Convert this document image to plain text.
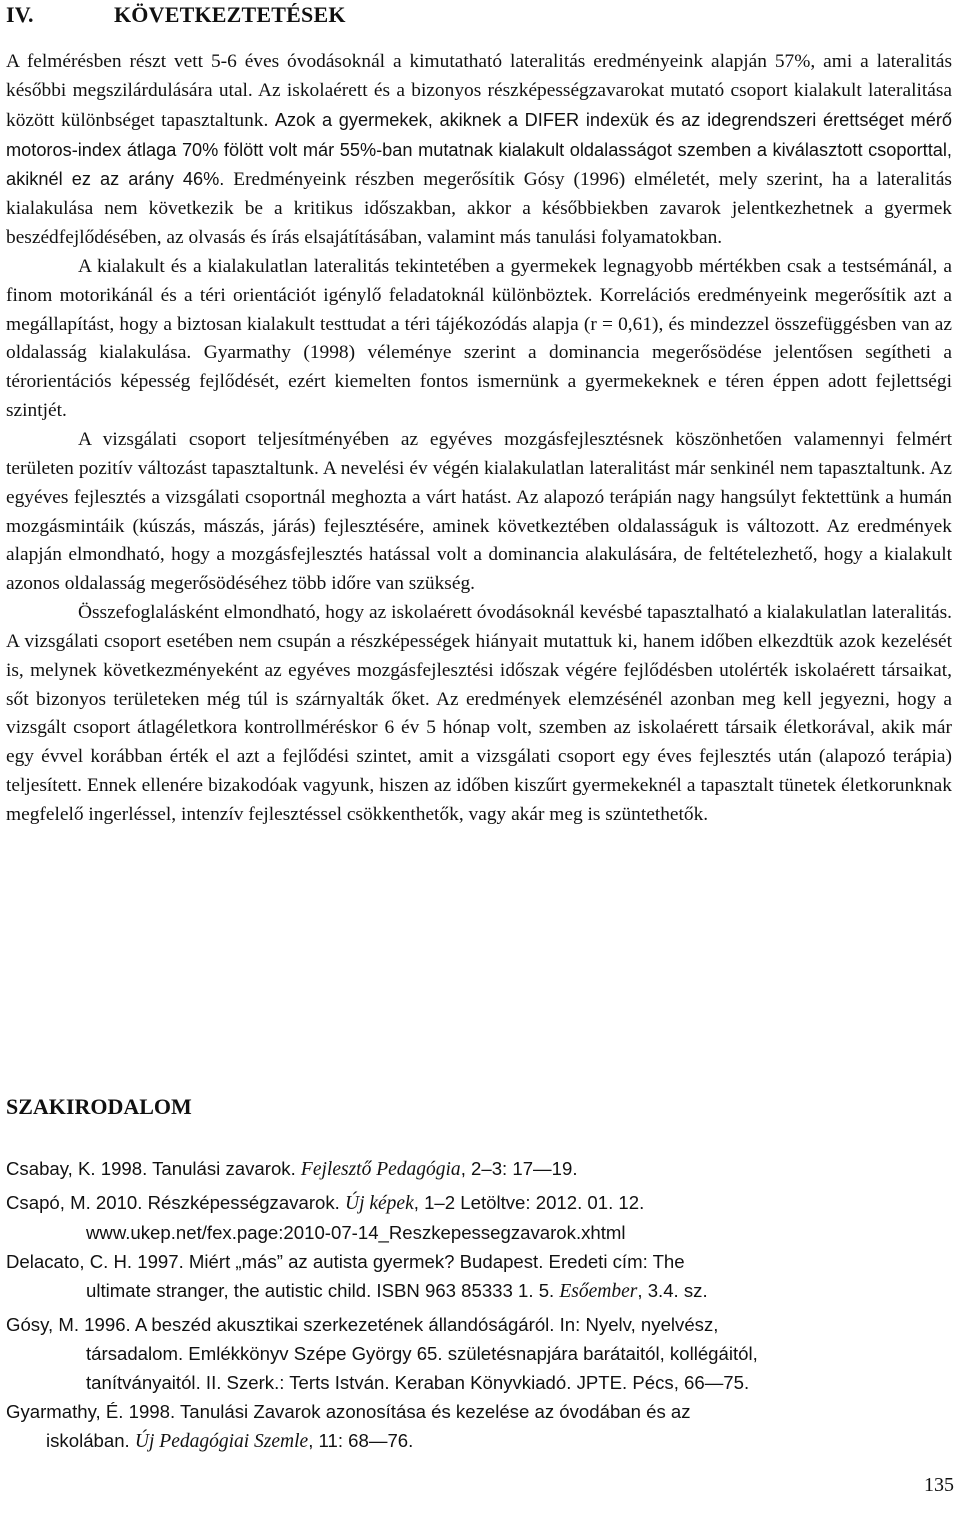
IV.	KÖVETKEZTETÉSEK

A felmérésben részt vett 5-6 éves óvodásoknál a kimutatható lateralitás eredményeink alapján 57%, ami a lateralitás későbbi megszilárdulására utal. Az iskolaérett és a bizonyos részképességzavarokat mutató csoport kialakult lateralitása között különbséget tapasztaltunk. Azok a gyermekek, akiknek a DIFER indexük és az idegrendszeri érettséget mérő motoros-index átlaga 70% fölött volt már 55%-ban mutatnak kialakult oldalasságot szemben a kiválasztott csoporttal, akiknél ez az arány 46%. Eredményeink részben megerősítik Gósy (1996) elméletét, mely szerint, ha a lateralitás kialakulása nem következik be a kritikus időszakban, akkor a későbbiekben zavarok jelentkezhetnek a gyermek beszédfejlődésében, az olvasás és írás elsajátításában, valamint más tanulási folyamatokban.

A kialakult és a kialakulatlan lateralitás tekintetében a gyermekek legnagyobb mértékben csak a testsémánál, a finom motorikánál és a téri orientációt igénylő feladatoknál különböztek. Korrelációs eredményeink megerősítik azt a megállapítást, hogy a biztosan kialakult testtudat a téri tájékozódás alapja (r = 0,61), és mindezzel összefüggésben van az oldalasság kialakulása. Gyarmathy (1998) véleménye szerint a dominancia megerősödése jelentősen segítheti a térorientációs képesség fejlődését, ezért kiemelten fontos ismernünk a gyermekeknek e téren éppen adott fejlettségi szintjét.

A vizsgálati csoport teljesítményében az egyéves mozgásfejlesztésnek köszönhetően valamennyi felmért területen pozitív változást tapasztaltunk. A nevelési év végén kialakulatlan lateralitást már senkinél nem tapasztaltunk. Az egyéves fejlesztés a vizsgálati csoportnál meghozta a várt hatást. Az alapozó terápián nagy hangsúlyt fektettünk a humán mozgásmintáik (kúszás, mászás, járás) fejlesztésére, aminek következtében oldalasságuk is változott. Az eredmények alapján elmondható, hogy a mozgásfejlesztés hatással volt a dominancia alakulására, de feltételezhető, hogy a kialakult azonos oldalasság megerősödéséhez több időre van szükség.

Összefoglalásként elmondható, hogy az iskolaérett óvodásoknál kevésbé tapasztalható a kialakulatlan lateralitás. A vizsgálati csoport esetében nem csupán a részképességek hiányait mutattuk ki, hanem időben elkezdtük azok kezelését is, melynek következményeként az egyéves mozgásfejlesztési időszak végére fejlődésben utolérték iskolaérett társaikat, sőt bizonyos területeken még túl is szárnyalták őket. Az eredmények elemzésénél azonban meg kell jegyezni, hogy a vizsgált csoport átlagéletkora kontrollméréskor 6 év 5 hónap volt, szemben az iskolaérett társaik életkorával, akik már egy évvel korábban érték el azt a fejlődési szintet, amit a vizsgálati csoport egy éves fejlesztés után (alapozó terápia) teljesített. Ennek ellenére bizakodóak vagyunk, hiszen az időben kiszűrt gyermekeknél a tapasztalt tünetek életkorunknak megfelelő ingerléssel, intenzív fejlesztéssel csökkenthetők, vagy akár meg is szüntethetők.

SZAKIRODALOM
Csabay, K. 1998. Tanulási zavarok. Fejlesztő Pedagógia, 2–3: 17—19.
Csapó, M. 2010. Részképességzavarok. Új képek, 1–2 Letöltve: 2012. 01. 12.
www.ukep.net/fex.page:2010-07-14_Reszkepessegzavarok.xhtml
Delacato, C. H. 1997. Miért „más” az autista gyermek? Budapest. Eredeti cím: The
ultimate stranger, the autistic child. ISBN 963 85333 1. 5. Esőember, 3.4. sz.
Gósy, M. 1996. A beszéd akusztikai szerkezetének állandóságáról. In: Nyelv, nyelvész,
társadalom. Emlékkönyv Szépe György 65. születésnapjára barátaitól, kollégáitól,
tanítványaitól. II. Szerk.: Terts István. Keraban Könyvkiadó. JPTE. Pécs, 66—75.
Gyarmathy, É. 1998. Tanulási Zavarok azonosítása és kezelése az óvodában és az
iskolában. Új Pedagógiai Szemle, 11: 68—76.
135
